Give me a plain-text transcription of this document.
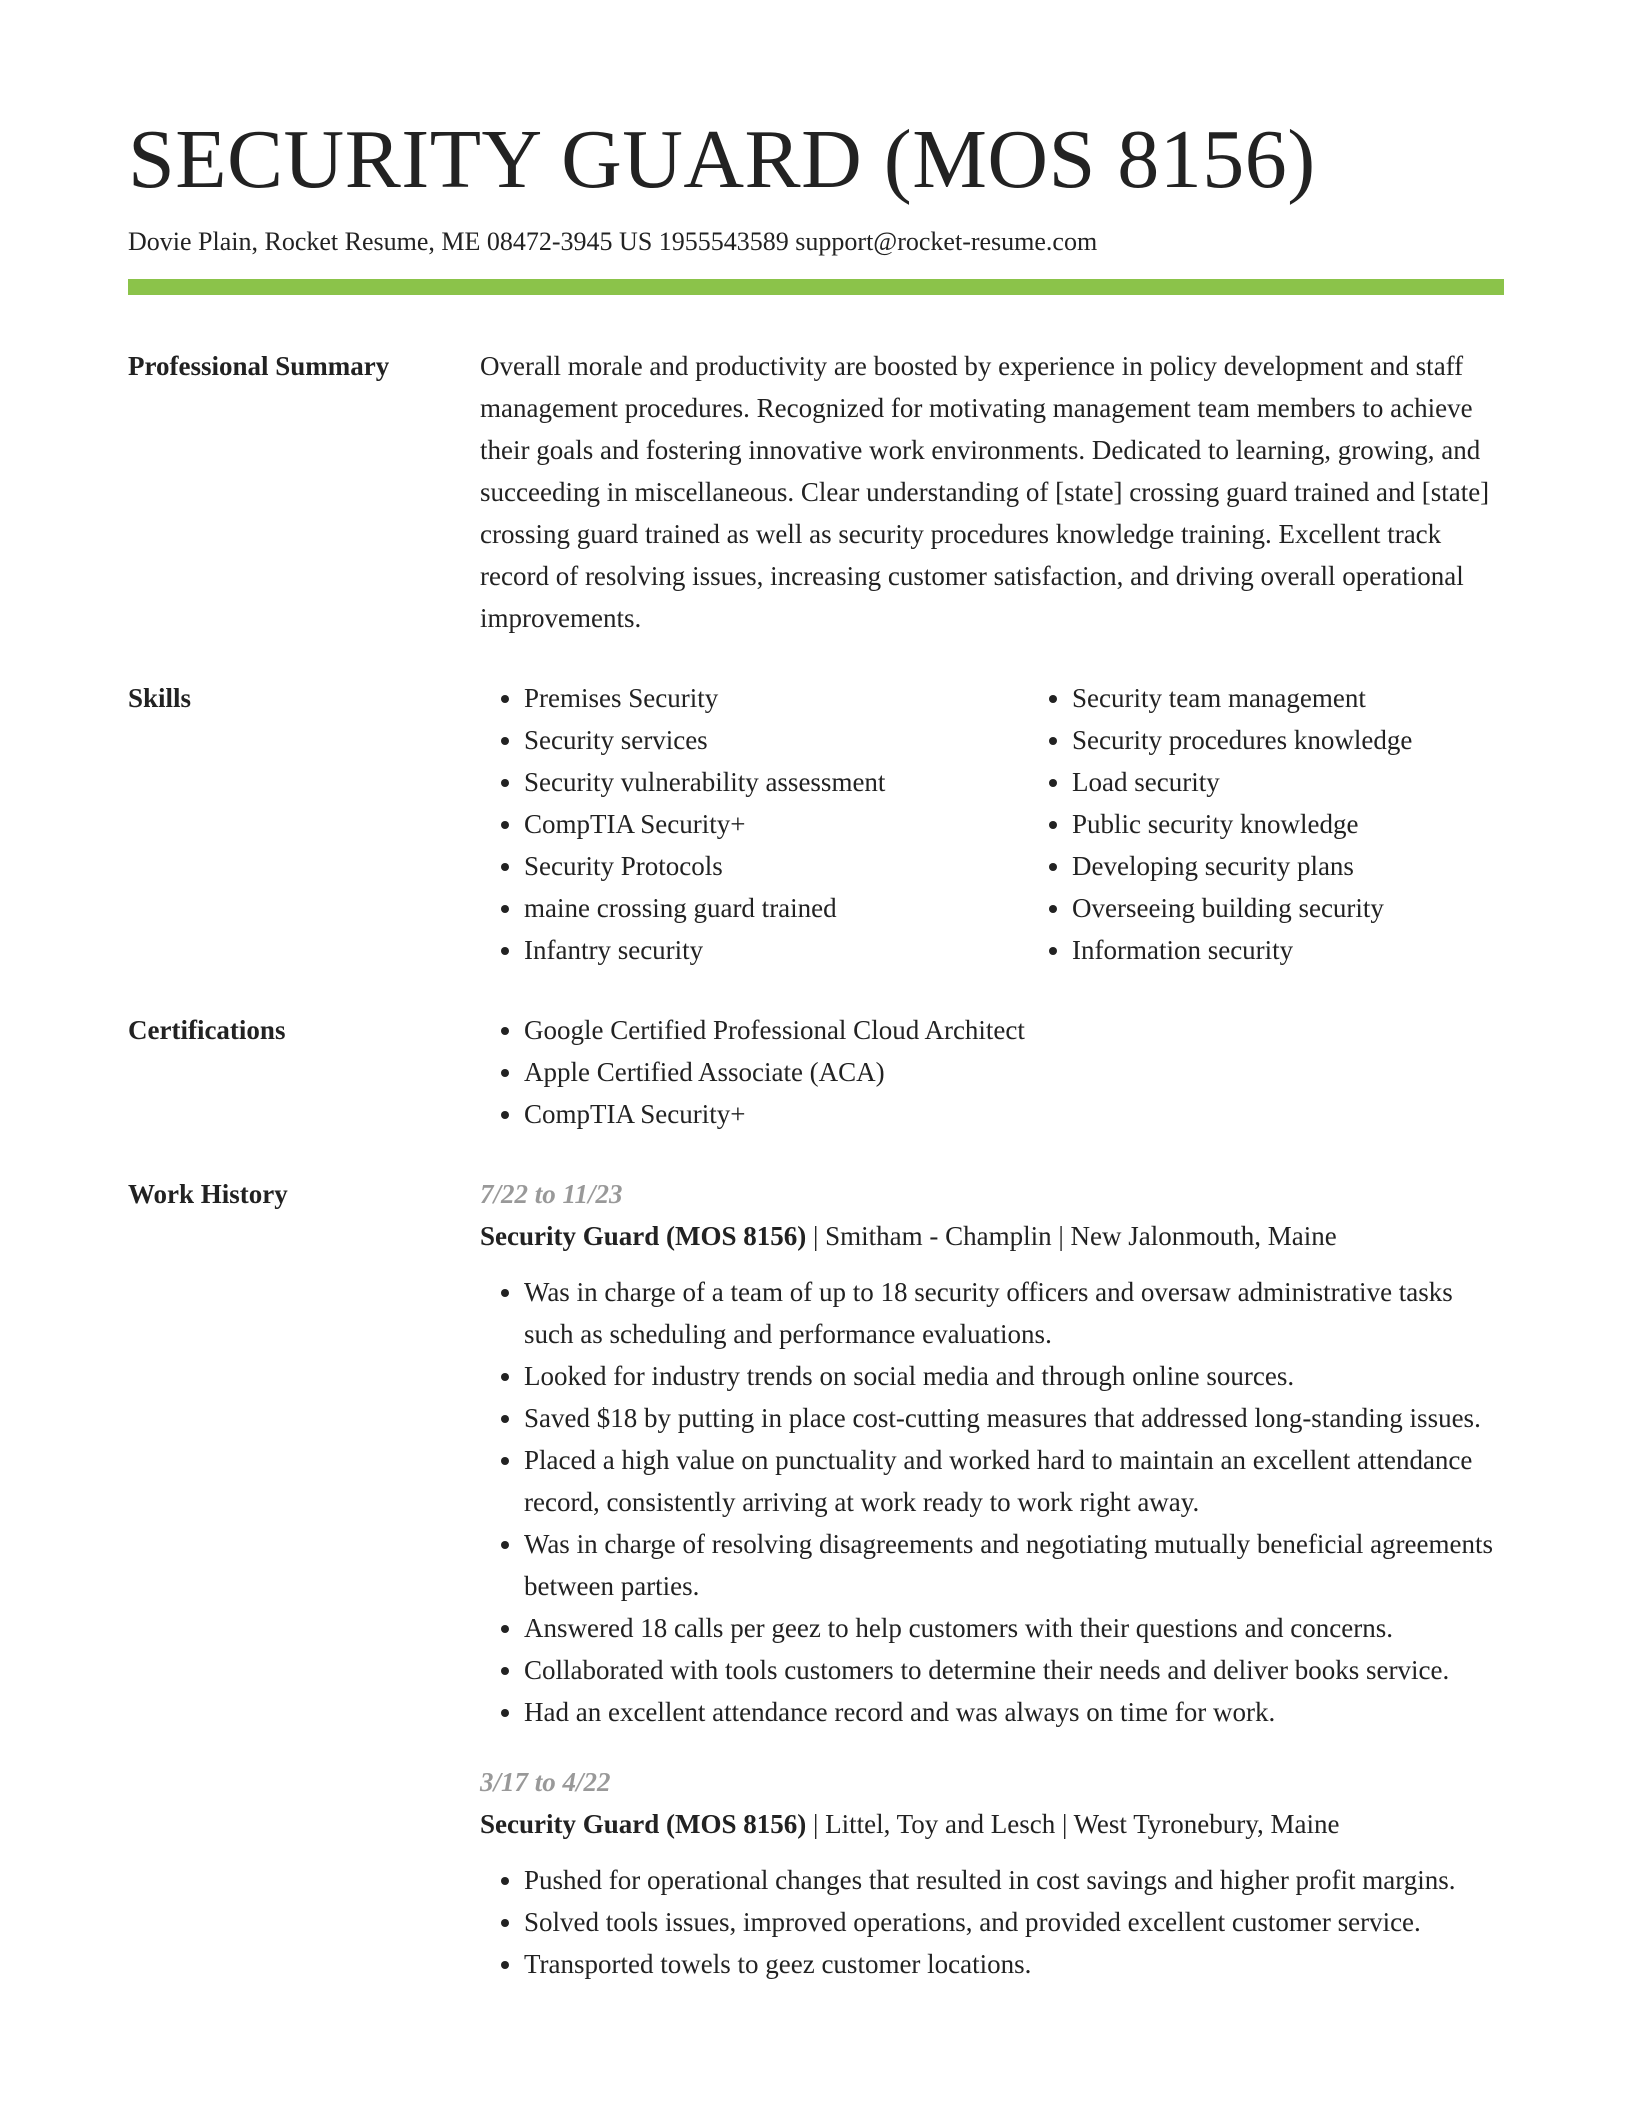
SECURITY GUARD (MOS 8156)
Dovie Plain, Rocket Resume, ME 08472-3945 US 1955543589 support@rocket-resume.com
Professional Summary	Overall morale and productivity are boosted by experience in policy development and staff management procedures. Recognized for motivating management team members to achieve their goals and fostering innovative work environments. Dedicated to learning, growing, and succeeding in miscellaneous. Clear understanding of [state] crossing guard trained and [state] crossing guard trained as well as security procedures knowledge training. Excellent track record of resolving issues, increasing customer satisfaction, and driving overall operational improvements.

Skills	• Premises Security
• Security services
• Security vulnerability assessment
• CompTIA Security+
• Security Protocols
• maine crossing guard trained
• Infantry security
• Security team management
• Security procedures knowledge
• Load security
• Public security knowledge
• Developing security plans
• Overseeing building security
• Information security
Certifications	• Google Certified Professional Cloud Architect
• Apple Certified Associate (ACA)
• CompTIA Security+
Work History	7/22 to 11/23
Security Guard (MOS 8156) | Smitham - Champlin | New Jalonmouth, Maine
• Was in charge of a team of up to 18 security officers and oversaw administrative tasks such as scheduling and performance evaluations.
• Looked for industry trends on social media and through online sources.
• Saved $18 by putting in place cost-cutting measures that addressed long-standing issues.
• Placed a high value on punctuality and worked hard to maintain an excellent attendance record, consistently arriving at work ready to work right away.
• Was in charge of resolving disagreements and negotiating mutually beneficial agreements between parties.
• Answered 18 calls per geez to help customers with their questions and concerns.
• Collaborated with tools customers to determine their needs and deliver books service.
• Had an excellent attendance record and was always on time for work.
3/17 to 4/22
Security Guard (MOS 8156) | Littel, Toy and Lesch | West Tyronebury, Maine
• Pushed for operational changes that resulted in cost savings and higher profit margins.
• Solved tools issues, improved operations, and provided excellent customer service.
• Transported towels to geez customer locations.
